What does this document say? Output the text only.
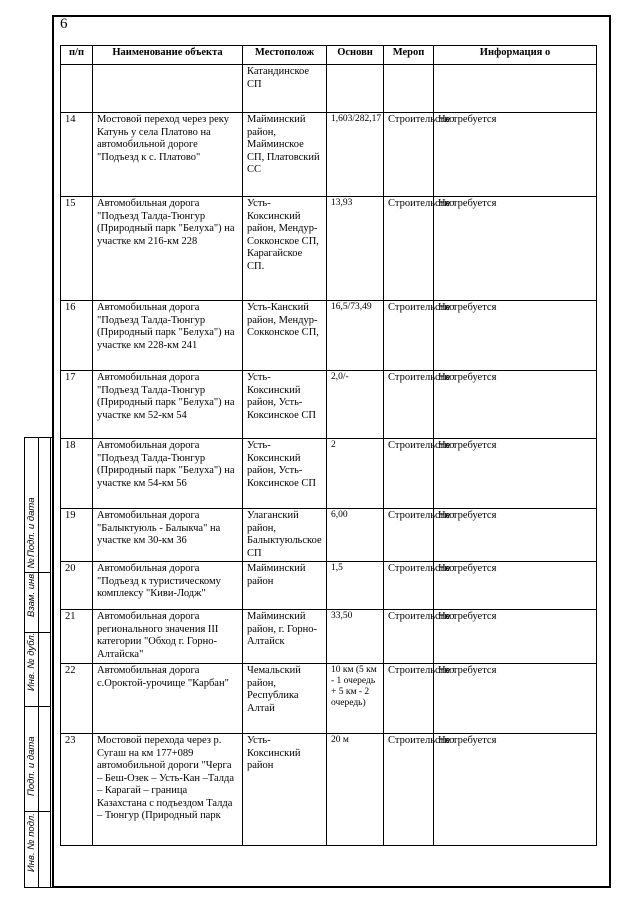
6
Подп. и дата
Взам. инв. №
Инв. № дубл.
Подп. и дата
Инв. № подл.
п/п	Наименование объекта	Местополож	Основн	Мероп	Информация о
		Катандинское СП			
14	Мостовой переход через реку Катунь у села Платово на автомобильной дороге "Подъезд к с. Платово"	Майминский район, Майминское СП, Платовский СС	1,603/282,17	Строительство	Не требуется
15	Автомобильная дорога "Подъезд Талда-Тюнгур (Природный парк "Белуха") на участке км 216-км 228	Усть-Коксинский район, Мендур-Сокконское СП, Карагайское СП.	13,93	Строительство	Не требуется
16	Автомобильная дорога "Подъезд Талда-Тюнгур (Природный парк "Белуха") на участке км 228-км 241	Усть-Канский район, Мендур-Сокконское СП,	16,5/73,49	Строительство	Не требуется
17	Автомобильная дорога "Подъезд Талда-Тюнгур (Природный парк "Белуха") на участке км 52-км 54	Усть-Коксинский район, Усть-Коксинское СП	2,0/-	Строительство	Не требуется
18	Автомобильная дорога "Подъезд Талда-Тюнгур (Природный парк "Белуха") на участке км 54-км 56	Усть-Коксинский район, Усть-Коксинское СП	2	Строительство	Не требуется
19	Автомобильная дорога "Балыктуюль - Балыкча" на участке км 30-км 36	Улаганский район, Балыктуюльское СП	6,00	Строительство	Не требуется
20	Автомобильная дорога "Подъезд к туристическому комплексу "Киви-Лодж"	Майминский район	1,5	Строительство	Не требуется
21	Автомобильная дорога регионального значения III категории "Обход г. Горно-Алтайска"	Майминский район, г. Горно-Алтайск	33,50	Строительство	Не требуется
22	Автомобильная дорога с.Ороктой-урочище "Карбан"	Чемальский район, Республика Алтай	10 км (5 км - 1 очередь + 5 км - 2 очередь)	Строительство	Не требуется
23	Мостовой перехода через р. Сугаш на км 177+089 автомобильной дороги "Черга – Беш-Озек – Усть-Кан –Талда – Карагай – граница Казахстана с подъездом Талда – Тюнгур (Природный парк	Усть-Коксинский район	20 м	Строительство	Не требуется
